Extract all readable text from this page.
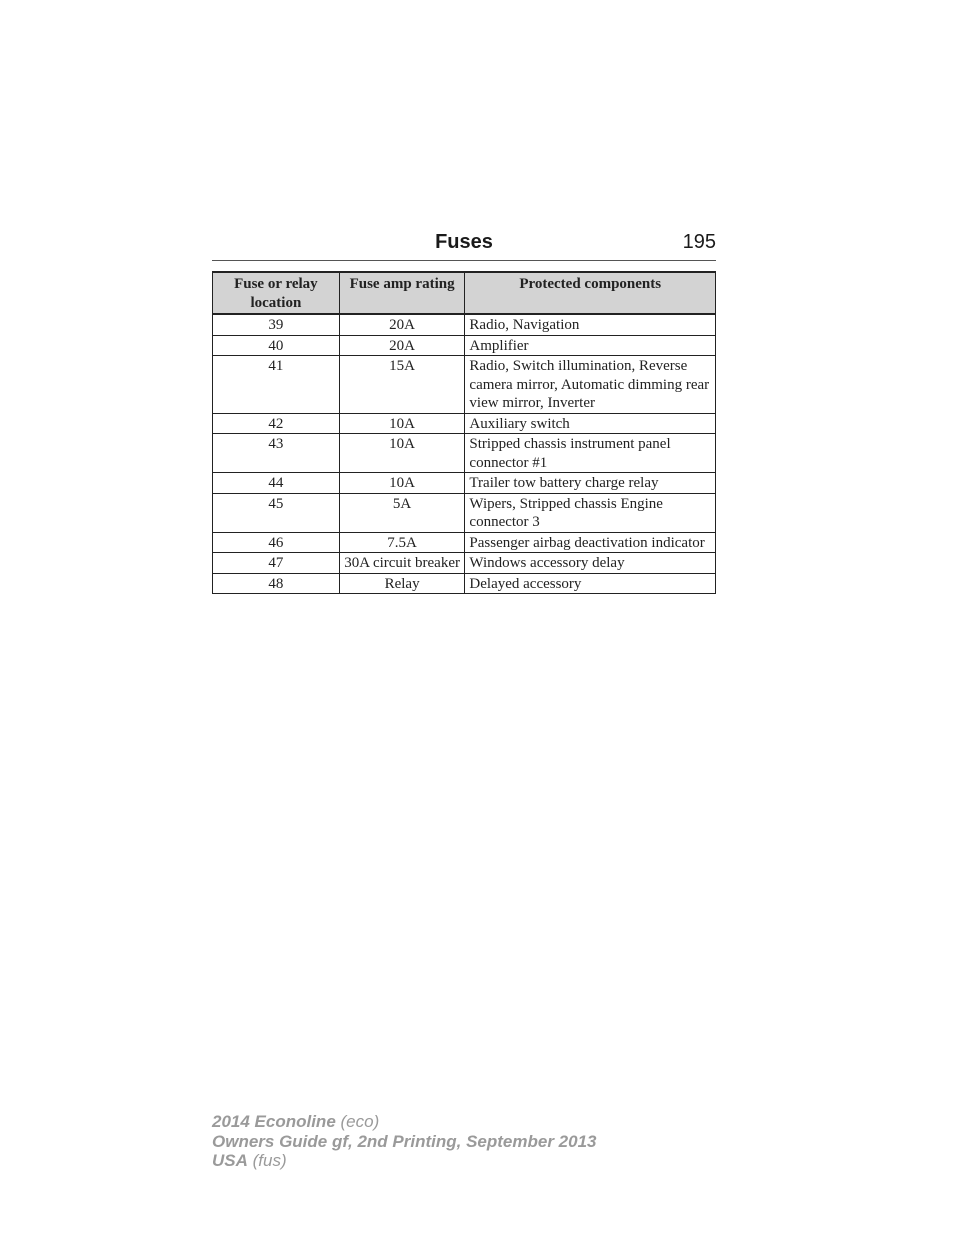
Fuses	195
Fuse or relay location	Fuse amp rating	Protected components
39	20A	Radio, Navigation
40	20A	Amplifier
41	15A	Radio, Switch illumination, Reverse camera mirror, Automatic dimming rear view mirror, Inverter
42	10A	Auxiliary switch
43	10A	Stripped chassis instrument panel connector #1
44	10A	Trailer tow battery charge relay
45	5A	Wipers, Stripped chassis Engine connector 3
46	7.5A	Passenger airbag deactivation indicator
47	30A circuit breaker	Windows accessory delay
48	Relay	Delayed accessory
2014 Econoline (eco)
Owners Guide gf, 2nd Printing, September 2013
USA (fus)
